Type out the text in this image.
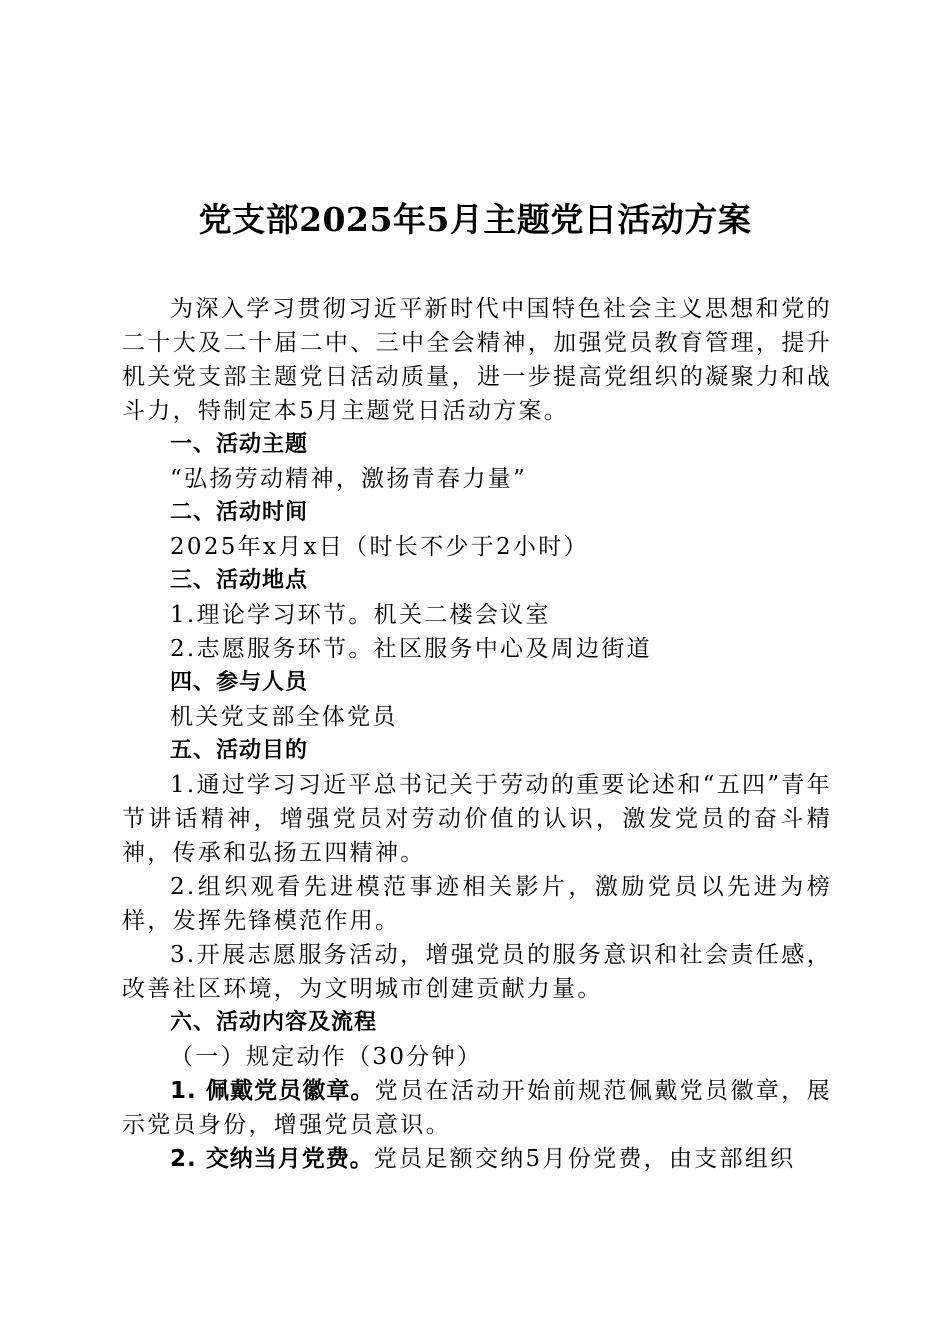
党支部2025年5月主题党日活动方案

为深入学习贯彻习近平新时代中国特色社会主义思想和党的二十大及二十届二中、三中全会精神，加强党员教育管理，提升机关党支部主题党日活动质量，进一步提高党组织的凝聚力和战斗力，特制定本5月主题党日活动方案。

一、活动主题

“弘扬劳动精神，激扬青春力量”

二、活动时间

2025年x月x日（时长不少于2小时）

三、活动地点

1.理论学习环节。机关二楼会议室

2.志愿服务环节。社区服务中心及周边街道

四、参与人员

机关党支部全体党员

五、活动目的

1.通过学习习近平总书记关于劳动的重要论述和“五四”青年节讲话精神，增强党员对劳动价值的认识，激发党员的奋斗精神，传承和弘扬五四精神。

2.组织观看先进模范事迹相关影片，激励党员以先进为榜样，发挥先锋模范作用。

3.开展志愿服务活动，增强党员的服务意识和社会责任感，改善社区环境，为文明城市创建贡献力量。

六、活动内容及流程

（一）规定动作（30分钟）

1. 佩戴党员徽章。党员在活动开始前规范佩戴党员徽章，展示党员身份，增强党员意识。

2. 交纳当月党费。党员足额交纳5月份党费，由支部组织
